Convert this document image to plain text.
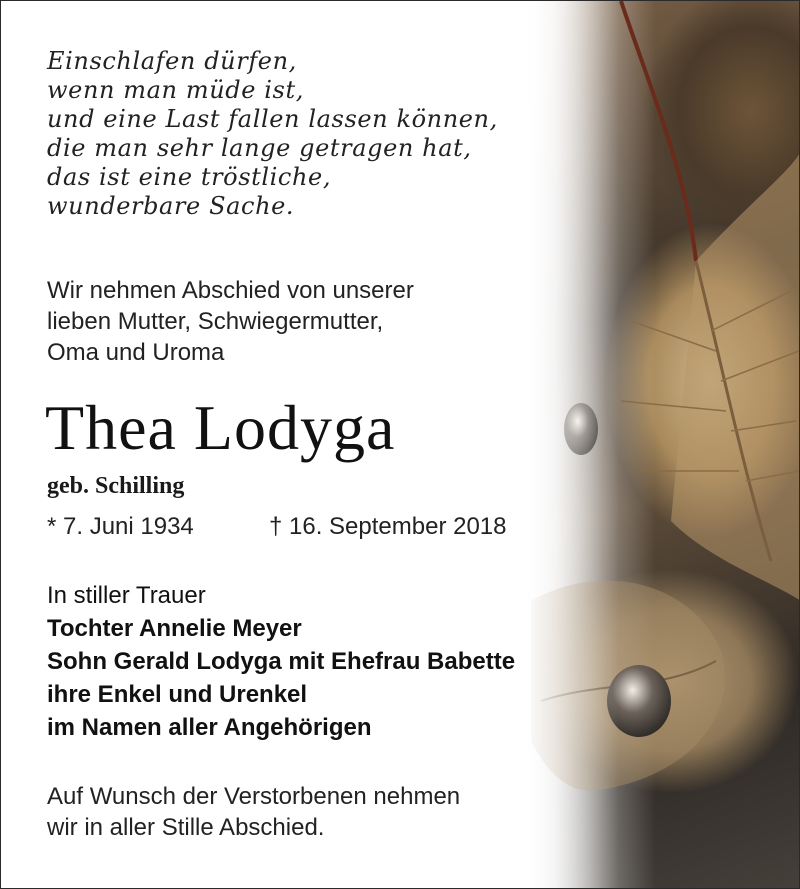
Einschlafen dürfen,
wenn man müde ist,
und eine Last fallen lassen können,
die man sehr lange getragen hat,
das ist eine tröstliche,
wunderbare Sache.
Wir nehmen Abschied von unserer
lieben Mutter, Schwiegermutter,
Oma und Uroma
Thea Lodyga
geb. Schilling
* 7. Juni 1934	† 16. September 2018
In stiller Trauer
Tochter Annelie Meyer
Sohn Gerald Lodyga mit Ehefrau Babette
ihre Enkel und Urenkel
im Namen aller Angehörigen
Auf Wunsch der Verstorbenen nehmen
wir in aller Stille Abschied.
